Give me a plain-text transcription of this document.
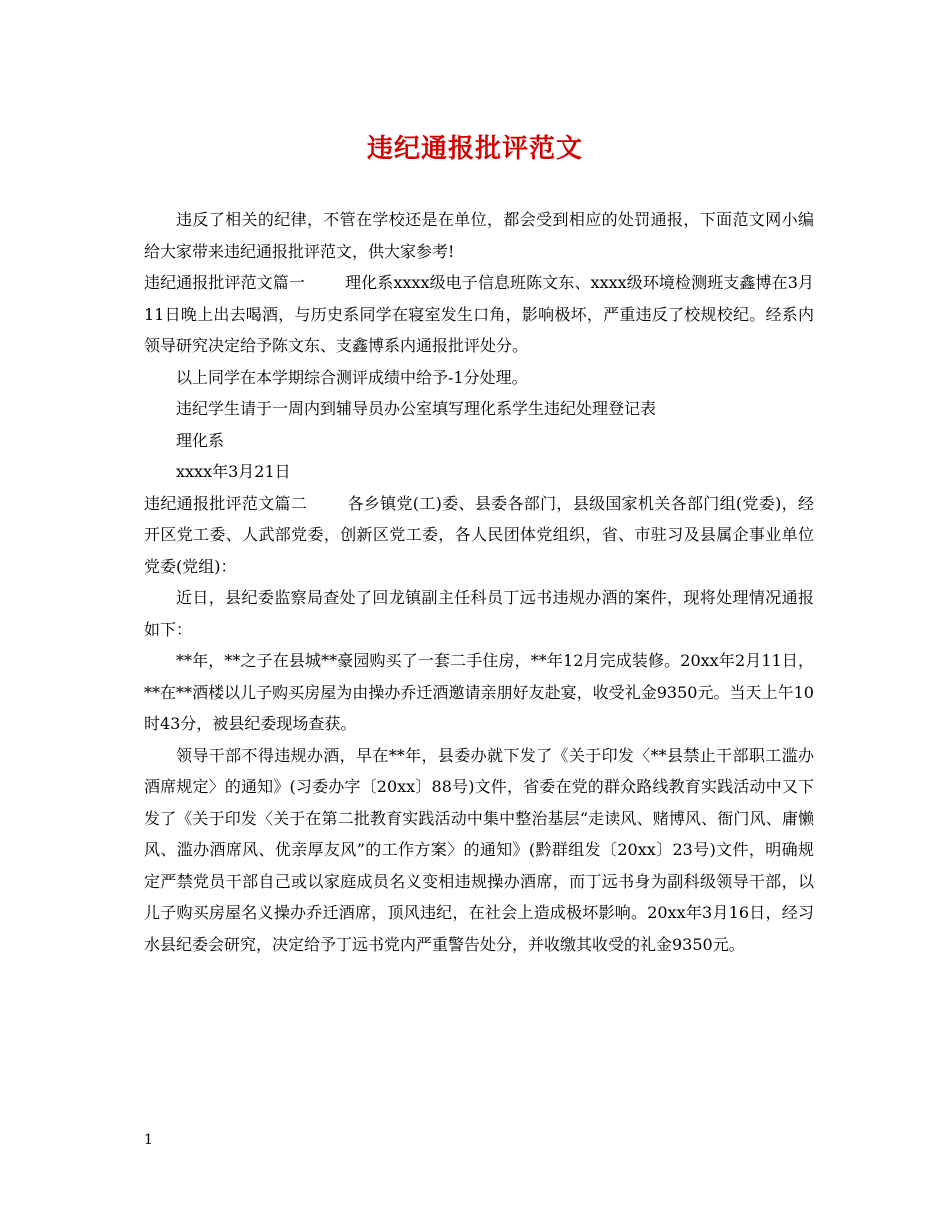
违纪通报批评范文

违反了相关的纪律，不管在学校还是在单位，都会受到相应的处罚通报，下面范文网小编给大家带来违纪通报批评范文，供大家参考!

违纪通报批评范文篇一	理化系xxxx级电子信息班陈文东、xxxx级环境检测班支鑫博在3月11日晚上出去喝酒，与历史系同学在寝室发生口角，影响极坏，严重违反了校规校纪。经系内领导研究决定给予陈文东、支鑫博系内通报批评处分。

以上同学在本学期综合测评成绩中给予-1分处理。

违纪学生请于一周内到辅导员办公室填写理化系学生违纪处理登记表

理化系

xxxx年3月21日

违纪通报批评范文篇二	各乡镇党(工)委、县委各部门，县级国家机关各部门组(党委)，经开区党工委、人武部党委，创新区党工委，各人民团体党组织，省、市驻习及县属企事业单位党委(党组)：

近日，县纪委监察局查处了回龙镇副主任科员丁远书违规办酒的案件，现将处理情况通报如下：

**年，**之子在县城**豪园购买了一套二手住房，**年12月完成装修。20xx年2月11日，**在**酒楼以儿子购买房屋为由操办乔迁酒邀请亲朋好友赴宴，收受礼金9350元。当天上午10时43分，被县纪委现场查获。

领导干部不得违规办酒，早在**年，县委办就下发了《关于印发〈**县禁止干部职工滥办酒席规定〉的通知》(习委办字〔20xx〕88号)文件，省委在党的群众路线教育实践活动中又下发了《关于印发〈关于在第二批教育实践活动中集中整治基层“走读风、赌博风、衙门风、庸懒风、滥办酒席风、优亲厚友风”的工作方案〉的通知》(黔群组发〔20xx〕23号)文件，明确规定严禁党员干部自己或以家庭成员名义变相违规操办酒席，而丁远书身为副科级领导干部，以儿子购买房屋名义操办乔迁酒席，顶风违纪，在社会上造成极坏影响。20xx年3月16日，经习水县纪委会研究，决定给予丁远书党内严重警告处分，并收缴其收受的礼金9350元。

1
